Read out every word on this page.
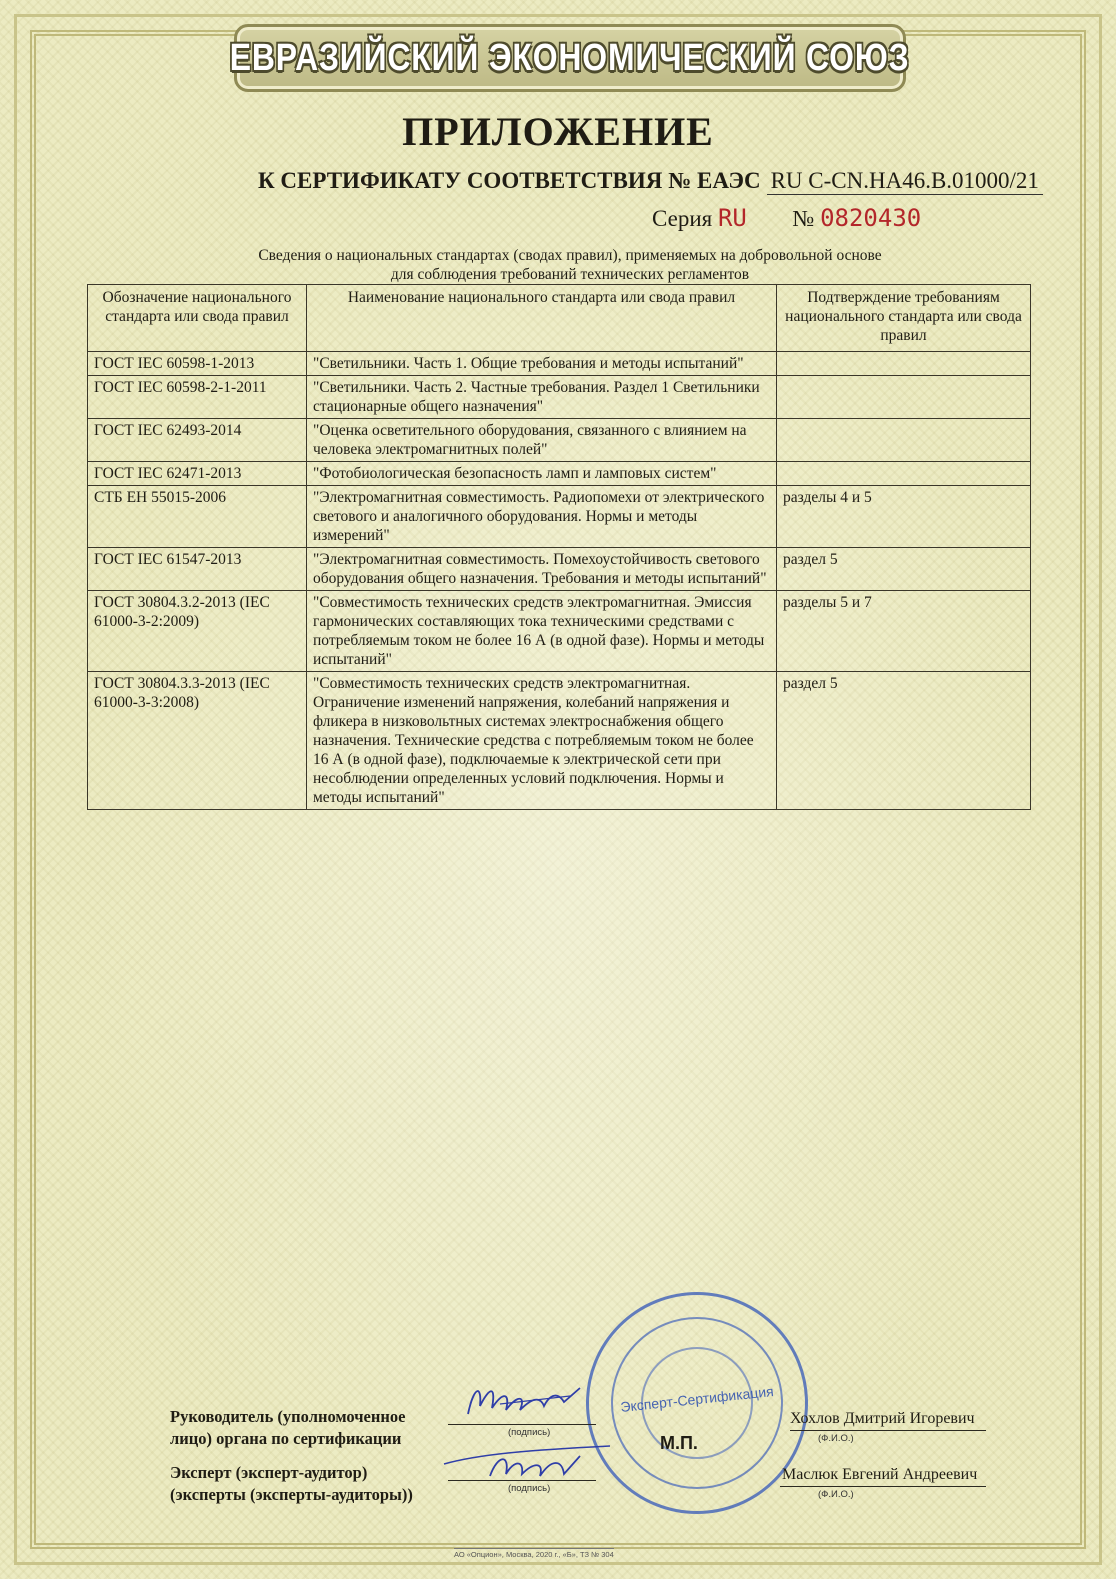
ЕВРАЗИЙСКИЙ ЭКОНОМИЧЕСКИЙ СОЮЗ
ПРИЛОЖЕНИЕ
К СЕРТИФИКАТУ СООТВЕТСТВИЯ № ЕАЭС RU C-CN.HA46.B.01000/21
Серия RU № 0820430
Сведения о национальных стандартах (сводах правил), применяемых на добровольной основе
для соблюдения требований технических регламентов
Обозначение национального стандарта или свода правил	Наименование национального стандарта или свода правил	Подтверждение требованиям национального стандарта или свода правил
ГОСТ IEC 60598-1-2013	"Светильники. Часть 1. Общие требования и методы испытаний"	
ГОСТ IEC 60598-2-1-2011	"Светильники. Часть 2. Частные требования. Раздел 1 Светильники стационарные общего назначения"	
ГОСТ IEC 62493-2014	"Оценка осветительного оборудования, связанного с влиянием на человека электромагнитных полей"	
ГОСТ IEC 62471-2013	"Фотобиологическая безопасность ламп и ламповых систем"	
СТБ ЕН 55015-2006	"Электромагнитная совместимость. Радиопомехи от электрического светового и аналогичного оборудования. Нормы и методы измерений"	разделы 4 и 5
ГОСТ IEC 61547-2013	"Электромагнитная совместимость. Помехоустойчивость светового оборудования общего назначения. Требования и методы испытаний"	раздел 5
ГОСТ 30804.3.2-2013 (IEC 61000-3-2:2009)	"Совместимость технических средств электромагнитная. Эмиссия гармонических составляющих тока техническими средствами с потребляемым током не более 16 А (в одной фазе). Нормы и методы испытаний"	разделы 5 и 7
ГОСТ 30804.3.3-2013 (IEC 61000-3-3:2008)	"Совместимость технических средств электромагнитная. Ограничение изменений напряжения, колебаний напряжения и фликера в низковольтных системах электроснабжения общего назначения. Технические средства с потребляемым током не более 16 А (в одной фазе), подключаемые к электрической сети при несоблюдении определенных условий подключения. Нормы и методы испытаний"	раздел 5
Эксперт-Сертификация
Руководитель (уполномоченное
лицо) органа по сертификации	(подпись)
Хохлов Дмитрий Игоревич
(Ф.И.О.)
М.П.
Эксперт (эксперт-аудитор)
(эксперты (эксперты-аудиторы))	(подпись)
Маслюк Евгений Андреевич
(Ф.И.О.)
АО «Опцион», Москва, 2020 г., «Б», ТЗ № 304
